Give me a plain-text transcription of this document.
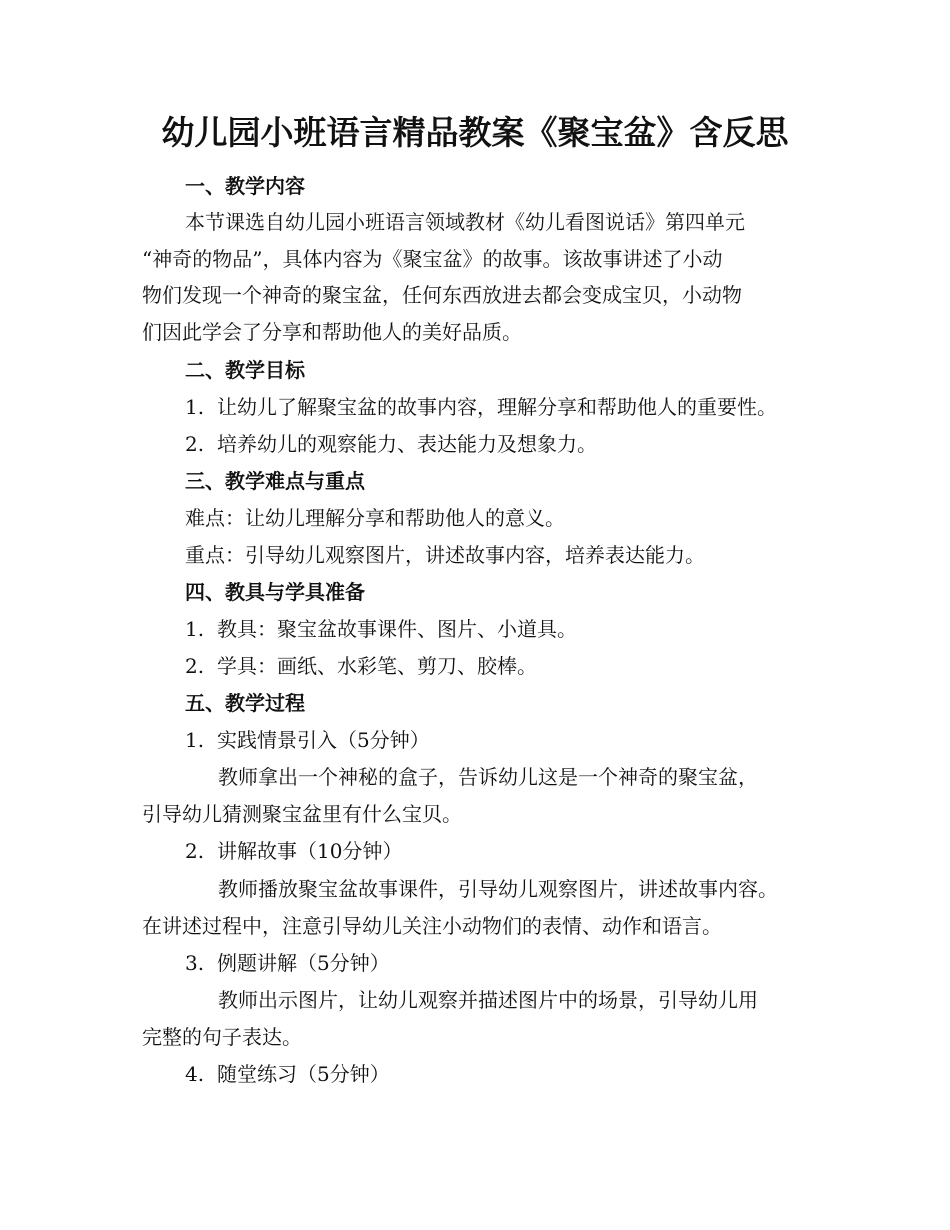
幼儿园小班语言精品教案《聚宝盆》含反思

一、教学内容

本节课选自幼儿园小班语言领域教材《幼儿看图说话》第四单元

“神奇的物品”，具体内容为《聚宝盆》的故事。该故事讲述了小动

物们发现一个神奇的聚宝盆，任何东西放进去都会变成宝贝，小动物

们因此学会了分享和帮助他人的美好品质。

二、教学目标

1. 让幼儿了解聚宝盆的故事内容，理解分享和帮助他人的重要性。

2. 培养幼儿的观察能力、表达能力及想象力。

三、教学难点与重点

难点：让幼儿理解分享和帮助他人的意义。

重点：引导幼儿观察图片，讲述故事内容，培养表达能力。

四、教具与学具准备

1. 教具：聚宝盆故事课件、图片、小道具。

2. 学具：画纸、水彩笔、剪刀、胶棒。

五、教学过程

1. 实践情景引入（5分钟）

教师拿出一个神秘的盒子，告诉幼儿这是一个神奇的聚宝盆，

引导幼儿猜测聚宝盆里有什么宝贝。

2. 讲解故事（10分钟）

教师播放聚宝盆故事课件，引导幼儿观察图片，讲述故事内容。

在讲述过程中，注意引导幼儿关注小动物们的表情、动作和语言。

3. 例题讲解（5分钟）

教师出示图片，让幼儿观察并描述图片中的场景，引导幼儿用

完整的句子表达。

4. 随堂练习（5分钟）
